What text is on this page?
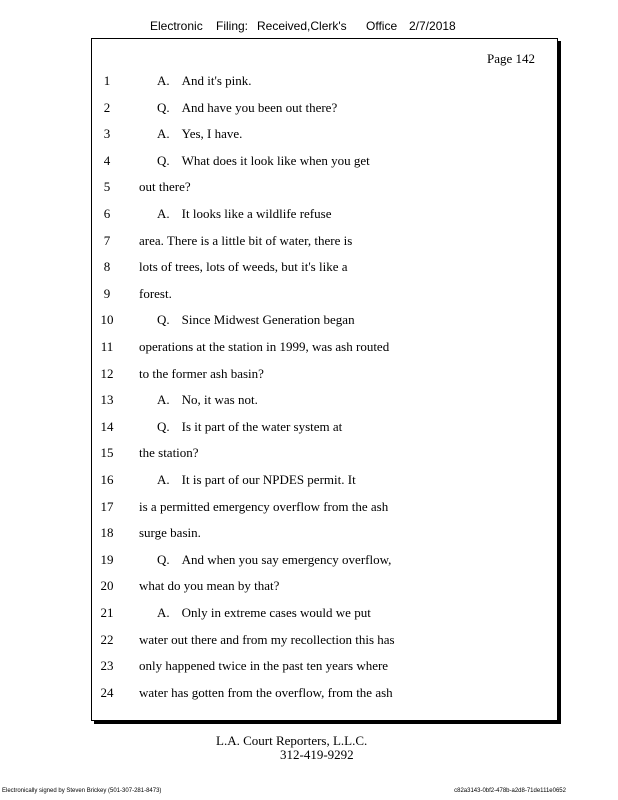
Electronic Filing: Received,Clerk's Office 2/7/2018
Page 142
1	A. And it's pink.
2	Q. And have you been out there?
3	A. Yes, I have.
4	Q. What does it look like when you get
5	out there?
6	A. It looks like a wildlife refuse
7	area. There is a little bit of water, there is
8	lots of trees, lots of weeds, but it's like a
9	forest.
10	Q. Since Midwest Generation began
11 operations at the station in 1999, was ash routed
12 to the former ash basin?
13	A. No, it was not.
14	Q. Is it part of the water system at
15 the station?
16	A. It is part of our NPDES permit. It
17 is a permitted emergency overflow from the ash
18 surge basin.
19	Q. And when you say emergency overflow,
20 what do you mean by that?
21	A. Only in extreme cases would we put
22 water out there and from my recollection this has
23 only happened twice in the past ten years where
24 water has gotten from the overflow, from the ash
L.A. Court Reporters, L.L.C.
312-419-9292
Electronically signed by Steven Brickey (501-307-281-8473)	c82a3143-0bf2-478b-a2d8-71de111e0652
